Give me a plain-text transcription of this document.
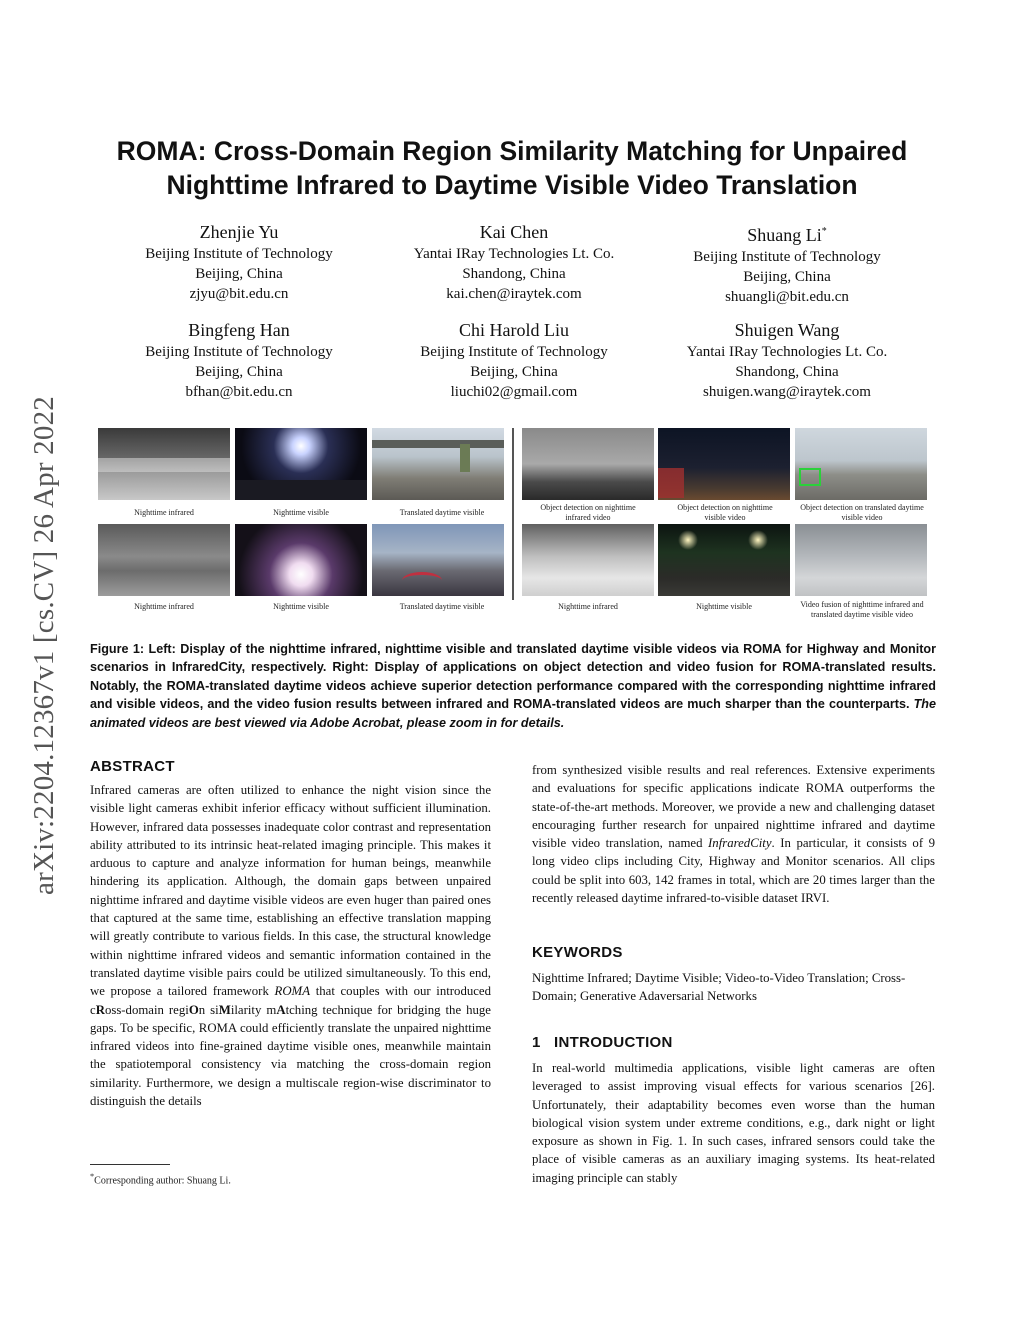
arXiv:2204.12367v1 [cs.CV] 26 Apr 2022
ROMA: Cross-Domain Region Similarity Matching for Unpaired
Nighttime Infrared to Daytime Visible Video Translation
Zhenjie Yu
Beijing Institute of Technology
Beijing, China
zjyu@bit.edu.cn
Kai Chen
Yantai IRay Technologies Lt. Co.
Shandong, China
kai.chen@iraytek.com
Shuang Li*
Beijing Institute of Technology
Beijing, China
shuangli@bit.edu.cn
Bingfeng Han
Beijing Institute of Technology
Beijing, China
bfhan@bit.edu.cn
Chi Harold Liu
Beijing Institute of Technology
Beijing, China
liuchi02@gmail.com
Shuigen Wang
Yantai IRay Technologies Lt. Co.
Shandong, China
shuigen.wang@iraytek.com
Nighttime infrared	Nighttime visible	Translated daytime visible
Object detection on nighttime infrared video
Object detection on nighttime visible video
Object detection on translated daytime visible video
Nighttime infrared	Nighttime visible	Translated daytime visible	Nighttime infrared	Nighttime visible	Video fusion of nighttime infrared and translated daytime visible video
Figure 1: Left: Display of the nighttime infrared, nighttime visible and translated daytime visible videos via ROMA for Highway and Monitor scenarios in InfraredCity, respectively. Right: Display of applications on object detection and video fusion for ROMA-translated results. Notably, the ROMA-translated daytime videos achieve superior detection performance compared with the corresponding nighttime infrared and visible videos, and the video fusion results between infrared and ROMA-translated videos are much sharper than the counterparts. The animated videos are best viewed via Adobe Acrobat, please zoom in for details.
ABSTRACT
Infrared cameras are often utilized to enhance the night vision since the visible light cameras exhibit inferior efficacy without sufficient illumination. However, infrared data possesses inadequate color contrast and representation ability attributed to its intrinsic heat-related imaging principle. This makes it arduous to capture and analyze information for human beings, meanwhile hindering its application. Although, the domain gaps between unpaired nighttime infrared and daytime visible videos are even huger than paired ones that captured at the same time, establishing an effective translation mapping will greatly contribute to various fields. In this case, the structural knowledge within nighttime infrared videos and semantic information contained in the translated daytime visible pairs could be utilized simultaneously. To this end, we propose a tailored framework ROMA that couples with our introduced cRoss-domain regiOn siMilarity mAtching technique for bridging the huge gaps. To be specific, ROMA could efficiently translate the unpaired nighttime infrared videos into fine-grained daytime visible ones, meanwhile maintain the spatiotemporal consistency via matching the cross-domain region similarity. Furthermore, we design a multiscale region-wise discriminator to distinguish the details
*Corresponding author: Shuang Li.
from synthesized visible results and real references. Extensive experiments and evaluations for specific applications indicate ROMA outperforms the state-of-the-art methods. Moreover, we provide a new and challenging dataset encouraging further research for unpaired nighttime infrared and daytime visible video translation, named InfraredCity. In particular, it consists of 9 long video clips including City, Highway and Monitor scenarios. All clips could be split into 603, 142 frames in total, which are 20 times larger than the recently released daytime infrared-to-visible dataset IRVI.
KEYWORDS
Nighttime Infrared; Daytime Visible; Video-to-Video Translation; Cross-Domain; Generative Adaversarial Networks
1   INTRODUCTION
In real-world multimedia applications, visible light cameras are often leveraged to assist improving visual effects for various scenarios [26]. Unfortunately, their adaptability becomes even worse than the human biological vision system under extreme conditions, e.g., dark night or light exposure as shown in Fig. 1. In such cases, infrared sensors could take the place of visible cameras as an auxiliary imaging systems. Its heat-related imaging principle can stably
